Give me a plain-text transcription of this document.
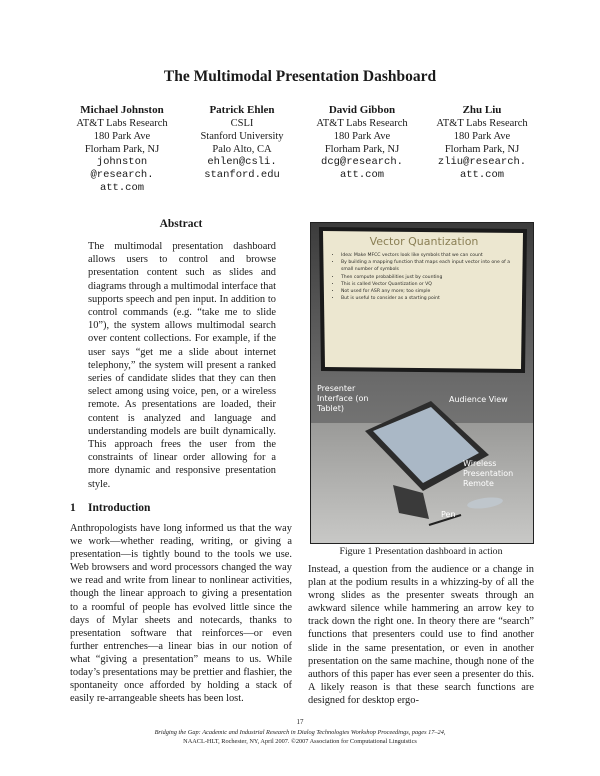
The Multimodal Presentation Dashboard
Michael Johnston
AT&T Labs Research
180 Park Ave
Florham Park, NJ
johnston
@research.
att.com
Patrick Ehlen
CSLI
Stanford University
Palo Alto, CA
ehlen@csli.
stanford.edu
David Gibbon
AT&T Labs Research
180 Park Ave
Florham Park, NJ
dcg@research.
att.com
Zhu Liu
AT&T Labs Research
180 Park Ave
Florham Park, NJ
zliu@research.
att.com
Abstract
The multimodal presentation dashboard allows users to control and browse presentation content such as slides and diagrams through a multimodal interface that supports speech and pen input. In addition to control commands (e.g. “take me to slide 10”), the system allows multimodal search over content collections. For example, if the user says “get me a slide about internet telephony,” the system will present a ranked series of candidate slides that they can then select among using voice, pen, or a wireless remote. As presentations are loaded, their content is analyzed and language and understanding models are built dynamically. This approach frees the user from the constraints of linear order allowing for a more dynamic and responsive presentation style.
1 Introduction
Anthropologists have long informed us that the way we work—whether reading, writing, or giving a presentation—is tightly bound to the tools we use. Web browsers and word processors changed the way we read and write from linear to nonlinear activities, though the linear approach to giving a presentation to a roomful of people has evolved little since the days of Mylar sheets and notecards, thanks to presentation software that reinforces—or even further entrenches—a linear bias in our notion of what “giving a presentation” means to us. While today’s presentations may be prettier and flashier, the spontaneity once afforded by holding a stack of easily re-arrangeable sheets has been lost.
Vector Quantization
• Idea: Make MFCC vectors look like symbols that we can count
• By building a mapping function that maps each input vector into one of a small number of symbols
• Then compute probabilities just by counting
• This is called Vector Quantization or VQ
• Not used for ASR any more; too simple
• But is useful to consider as a starting point
Audience View
Presenter Interface (on Tablet)
Wireless Presentation Remote
Pen
Figure 1 Presentation dashboard in action
Instead, a question from the audience or a change in plan at the podium results in a whizzing-by of all the wrong slides as the presenter sweats through an awkward silence while hammering an arrow key to track down the right one. In theory there are “search” functions that presenters could use to find another slide in the same presentation, or even in another presentation on the same machine, though none of the authors of this paper has ever seen a presenter do this. A likely reason is that these search functions are designed for desktop ergo-
17
Bridging the Gap: Academic and Industrial Research in Dialog Technologies Workshop Proceedings, pages 17–24,
NAACL-HLT, Rochester, NY, April 2007. ©2007 Association for Computational Linguistics
